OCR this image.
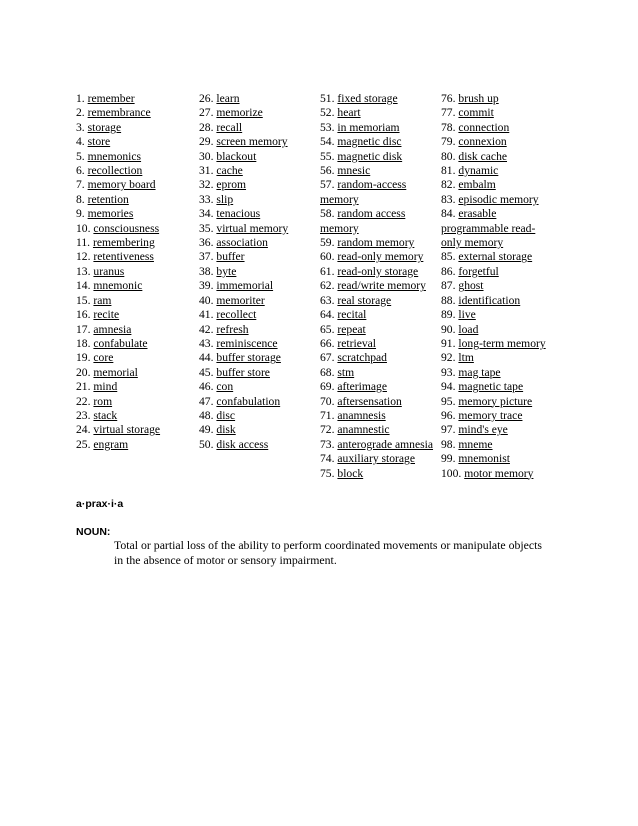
1. remember
2. remembrance
3. storage
4. store
5. mnemonics
6. recollection
7. memory board
8. retention
9. memories
10. consciousness
11. remembering
12. retentiveness
13. uranus
14. mnemonic
15. ram
16. recite
17. amnesia
18. confabulate
19. core
20. memorial
21. mind
22. rom
23. stack
24. virtual storage
25. engram
26. learn
27. memorize
28. recall
29. screen memory
30. blackout
31. cache
32. eprom
33. slip
34. tenacious
35. virtual memory
36. association
37. buffer
38. byte
39. immemorial
40. memoriter
41. recollect
42. refresh
43. reminiscence
44. buffer storage
45. buffer store
46. con
47. confabulation
48. disc
49. disk
50. disk access
51. fixed storage
52. heart
53. in memoriam
54. magnetic disc
55. magnetic disk
56. mnesic
57. random-access memory
58. random access memory
59. random memory
60. read-only memory
61. read-only storage
62. read/write memory
63. real storage
64. recital
65. repeat
66. retrieval
67. scratchpad
68. stm
69. afterimage
70. aftersensation
71. anamnesis
72. anamnestic
73. anterograde amnesia
74. auxiliary storage
75. block
76. brush up
77. commit
78. connection
79. connexion
80. disk cache
81. dynamic
82. embalm
83. episodic memory
84. erasable programmable read-only memory
85. external storage
86. forgetful
87. ghost
88. identification
89. live
90. load
91. long-term memory
92. ltm
93. mag tape
94. magnetic tape
95. memory picture
96. memory trace
97. mind's eye
98. mneme
99. mnemonist
100. motor memory
a·prax·i·a
NOUN:
Total or partial loss of the ability to perform coordinated movements or manipulate objects in the absence of motor or sensory impairment.
